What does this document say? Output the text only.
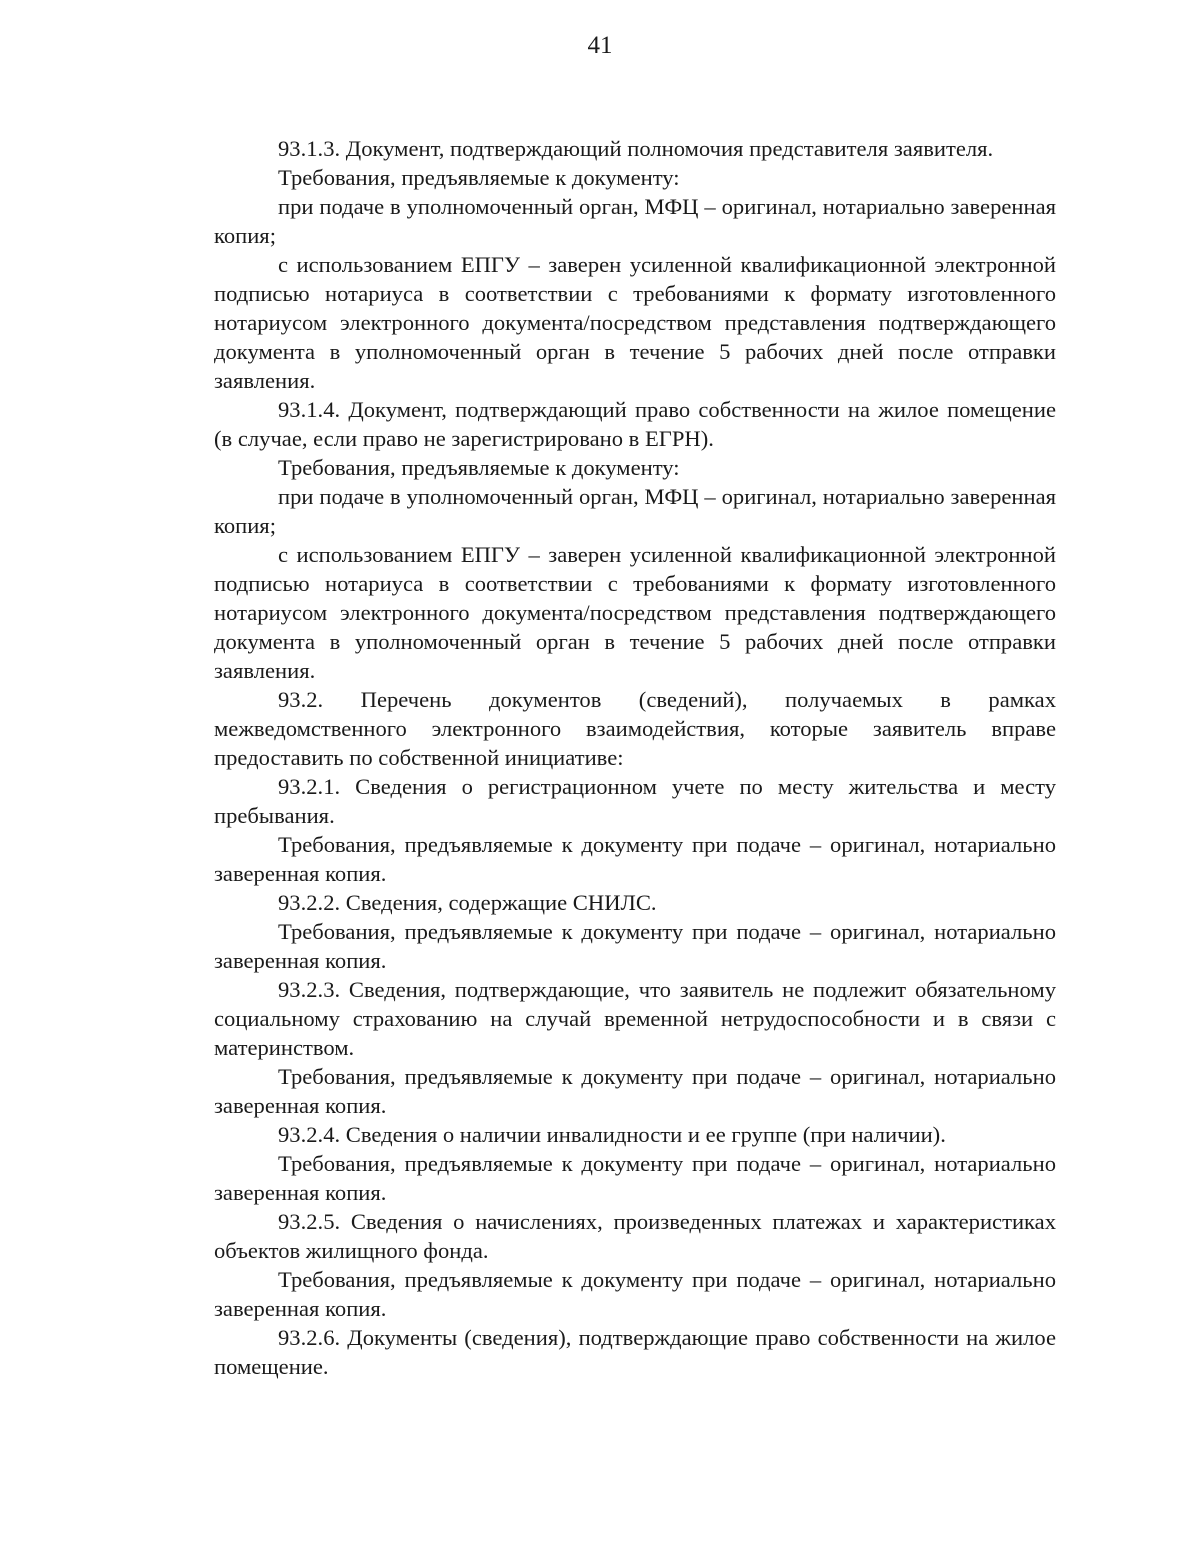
41

93.1.3. Документ, подтверждающий полномочия представителя заявителя.

Требования, предъявляемые к документу:

при подаче в уполномоченный орган, МФЦ – оригинал, нотариально заверенная копия;

с использованием ЕПГУ – заверен усиленной квалификационной электронной подписью нотариуса в соответствии с требованиями к формату изготовленного нотариусом электронного документа/посредством представления подтверждающего документа в уполномоченный орган в течение 5 рабочих дней после отправки заявления.

93.1.4. Документ, подтверждающий право собственности на жилое помещение (в случае, если право не зарегистрировано в ЕГРН).

Требования, предъявляемые к документу:

при подаче в уполномоченный орган, МФЦ – оригинал, нотариально заверенная копия;

с использованием ЕПГУ – заверен усиленной квалификационной электронной подписью нотариуса в соответствии с требованиями к формату изготовленного нотариусом электронного документа/посредством представления подтверждающего документа в уполномоченный орган в течение 5 рабочих дней после отправки заявления.

93.2. Перечень документов (сведений), получаемых в рамках межведомственного электронного взаимодействия, которые заявитель вправе предоставить по собственной инициативе:

93.2.1. Сведения о регистрационном учете по месту жительства и месту пребывания.

Требования, предъявляемые к документу при подаче – оригинал, нотариально заверенная копия.

93.2.2. Сведения, содержащие СНИЛС.

Требования, предъявляемые к документу при подаче – оригинал, нотариально заверенная копия.

93.2.3. Сведения, подтверждающие, что заявитель не подлежит обязательному социальному страхованию на случай временной нетрудоспособности и в связи с материнством.

Требования, предъявляемые к документу при подаче – оригинал, нотариально заверенная копия.

93.2.4. Сведения о наличии инвалидности и ее группе (при наличии).

Требования, предъявляемые к документу при подаче – оригинал, нотариально заверенная копия.

93.2.5. Сведения о начислениях, произведенных платежах и характеристиках объектов жилищного фонда.

Требования, предъявляемые к документу при подаче – оригинал, нотариально заверенная копия.

93.2.6. Документы (сведения), подтверждающие право собственности на жилое помещение.
